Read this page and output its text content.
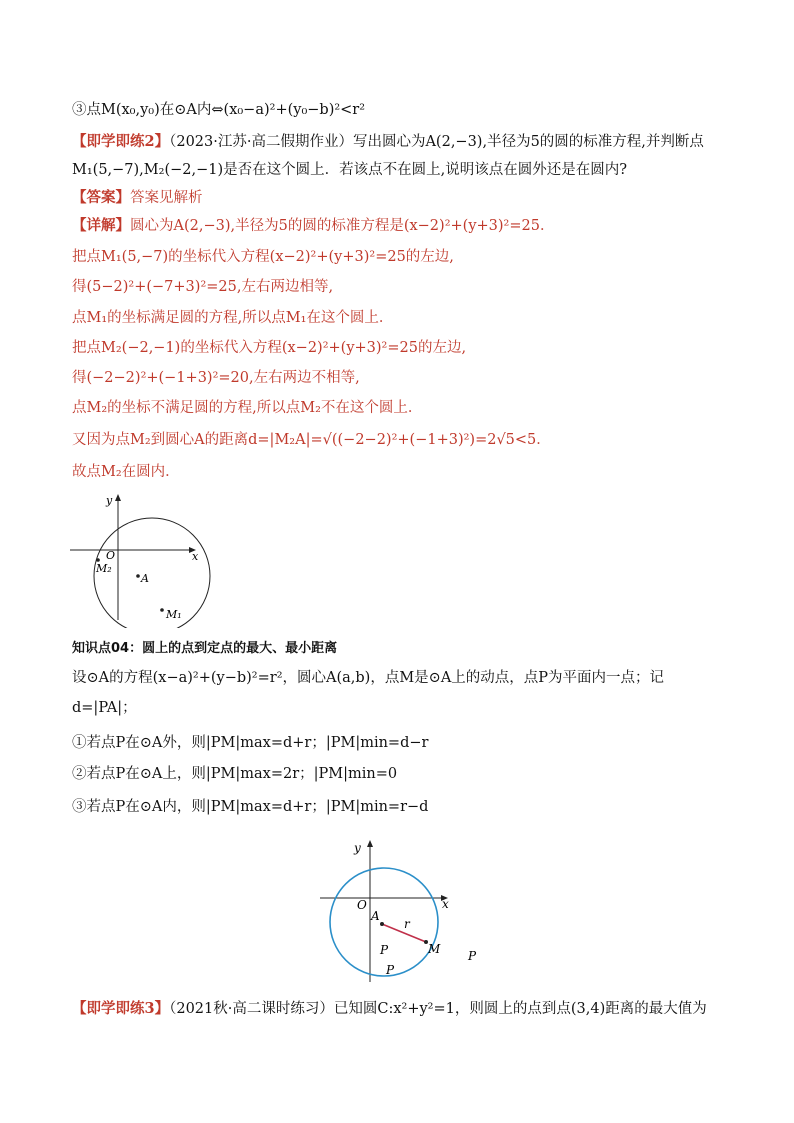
③点M(x₀,y₀)在⊙A内⇔(x₀−a)²+(y₀−b)²<r²
【即学即练2】（2023·江苏·高二假期作业）写出圆心为A(2,−3),半径为5的圆的标准方程,并判断点
M₁(5,−7),M₂(−2,−1)是否在这个圆上．若该点不在圆上,说明该点在圆外还是在圆内?
【答案】答案见解析
【详解】圆心为A(2,−3),半径为5的圆的标准方程是(x−2)²+(y+3)²=25．
把点M₁(5,−7)的坐标代入方程(x−2)²+(y+3)²=25的左边,
得(5−2)²+(−7+3)²=25,左右两边相等,
点M₁的坐标满足圆的方程,所以点M₁在这个圆上．
把点M₂(−2,−1)的坐标代入方程(x−2)²+(y+3)²=25的左边,
得(−2−2)²+(−1+3)²=20,左右两边不相等,
点M₂的坐标不满足圆的方程,所以点M₂不在这个圆上．
又因为点M₂到圆心A的距离d=|M₂A|=√((−2−2)²+(−1+3)²)=2√5<5．
故点M₂在圆内．
y
x
O
A
M₁
M₂
知识点04：圆上的点到定点的最大、最小距离
设⊙A的方程(x−a)²+(y−b)²=r²，圆心A(a,b)，点M是⊙A上的动点，点P为平面内一点；记
d=|PA|；
①若点P在⊙A外，则|PM|max=d+r；|PM|min=d−r
②若点P在⊙A上，则|PM|max=2r；|PM|min=0
③若点P在⊙A内，则|PM|max=d+r；|PM|min=r−d
y
x
O
A
r
M
P
P
P
【即学即练3】（2021秋·高二课时练习）已知圆C:x²+y²=1，则圆上的点到点(3,4)距离的最大值为
